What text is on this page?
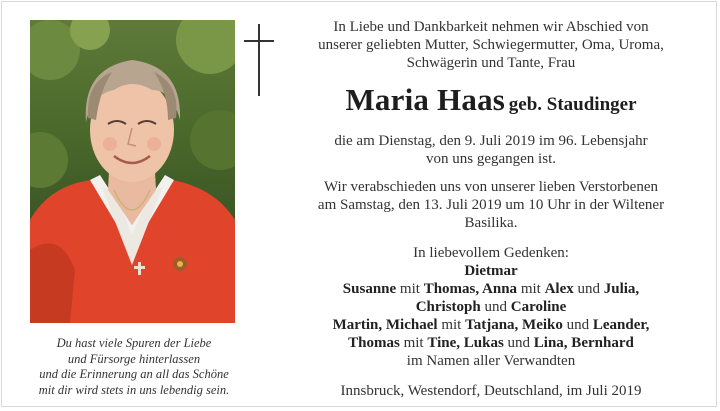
Du hast viele Spuren der Liebe
und Fürsorge hinterlassen
und die Erinnerung an all das Schöne
mit dir wird stets in uns lebendig sein.
In Liebe und Dankbarkeit nehmen wir Abschied von
unserer geliebten Mutter, Schwiegermutter, Oma, Uroma,
Schwägerin und Tante, Frau
Maria Haas geb. Staudinger
die am Dienstag, den 9. Juli 2019 im 96. Lebensjahr
von uns gegangen ist.
Wir verabschieden uns von unserer lieben Verstorbenen
am Samstag, den 13. Juli 2019 um 10 Uhr in der Wiltener
Basilika.
In liebevollem Gedenken:
Dietmar
Susanne mit Thomas, Anna mit Alex und Julia,
Christoph und Caroline
Martin, Michael mit Tatjana, Meiko und Leander,
Thomas mit Tine, Lukas und Lina, Bernhard
im Namen aller Verwandten
Innsbruck, Westendorf, Deutschland, im Juli 2019
